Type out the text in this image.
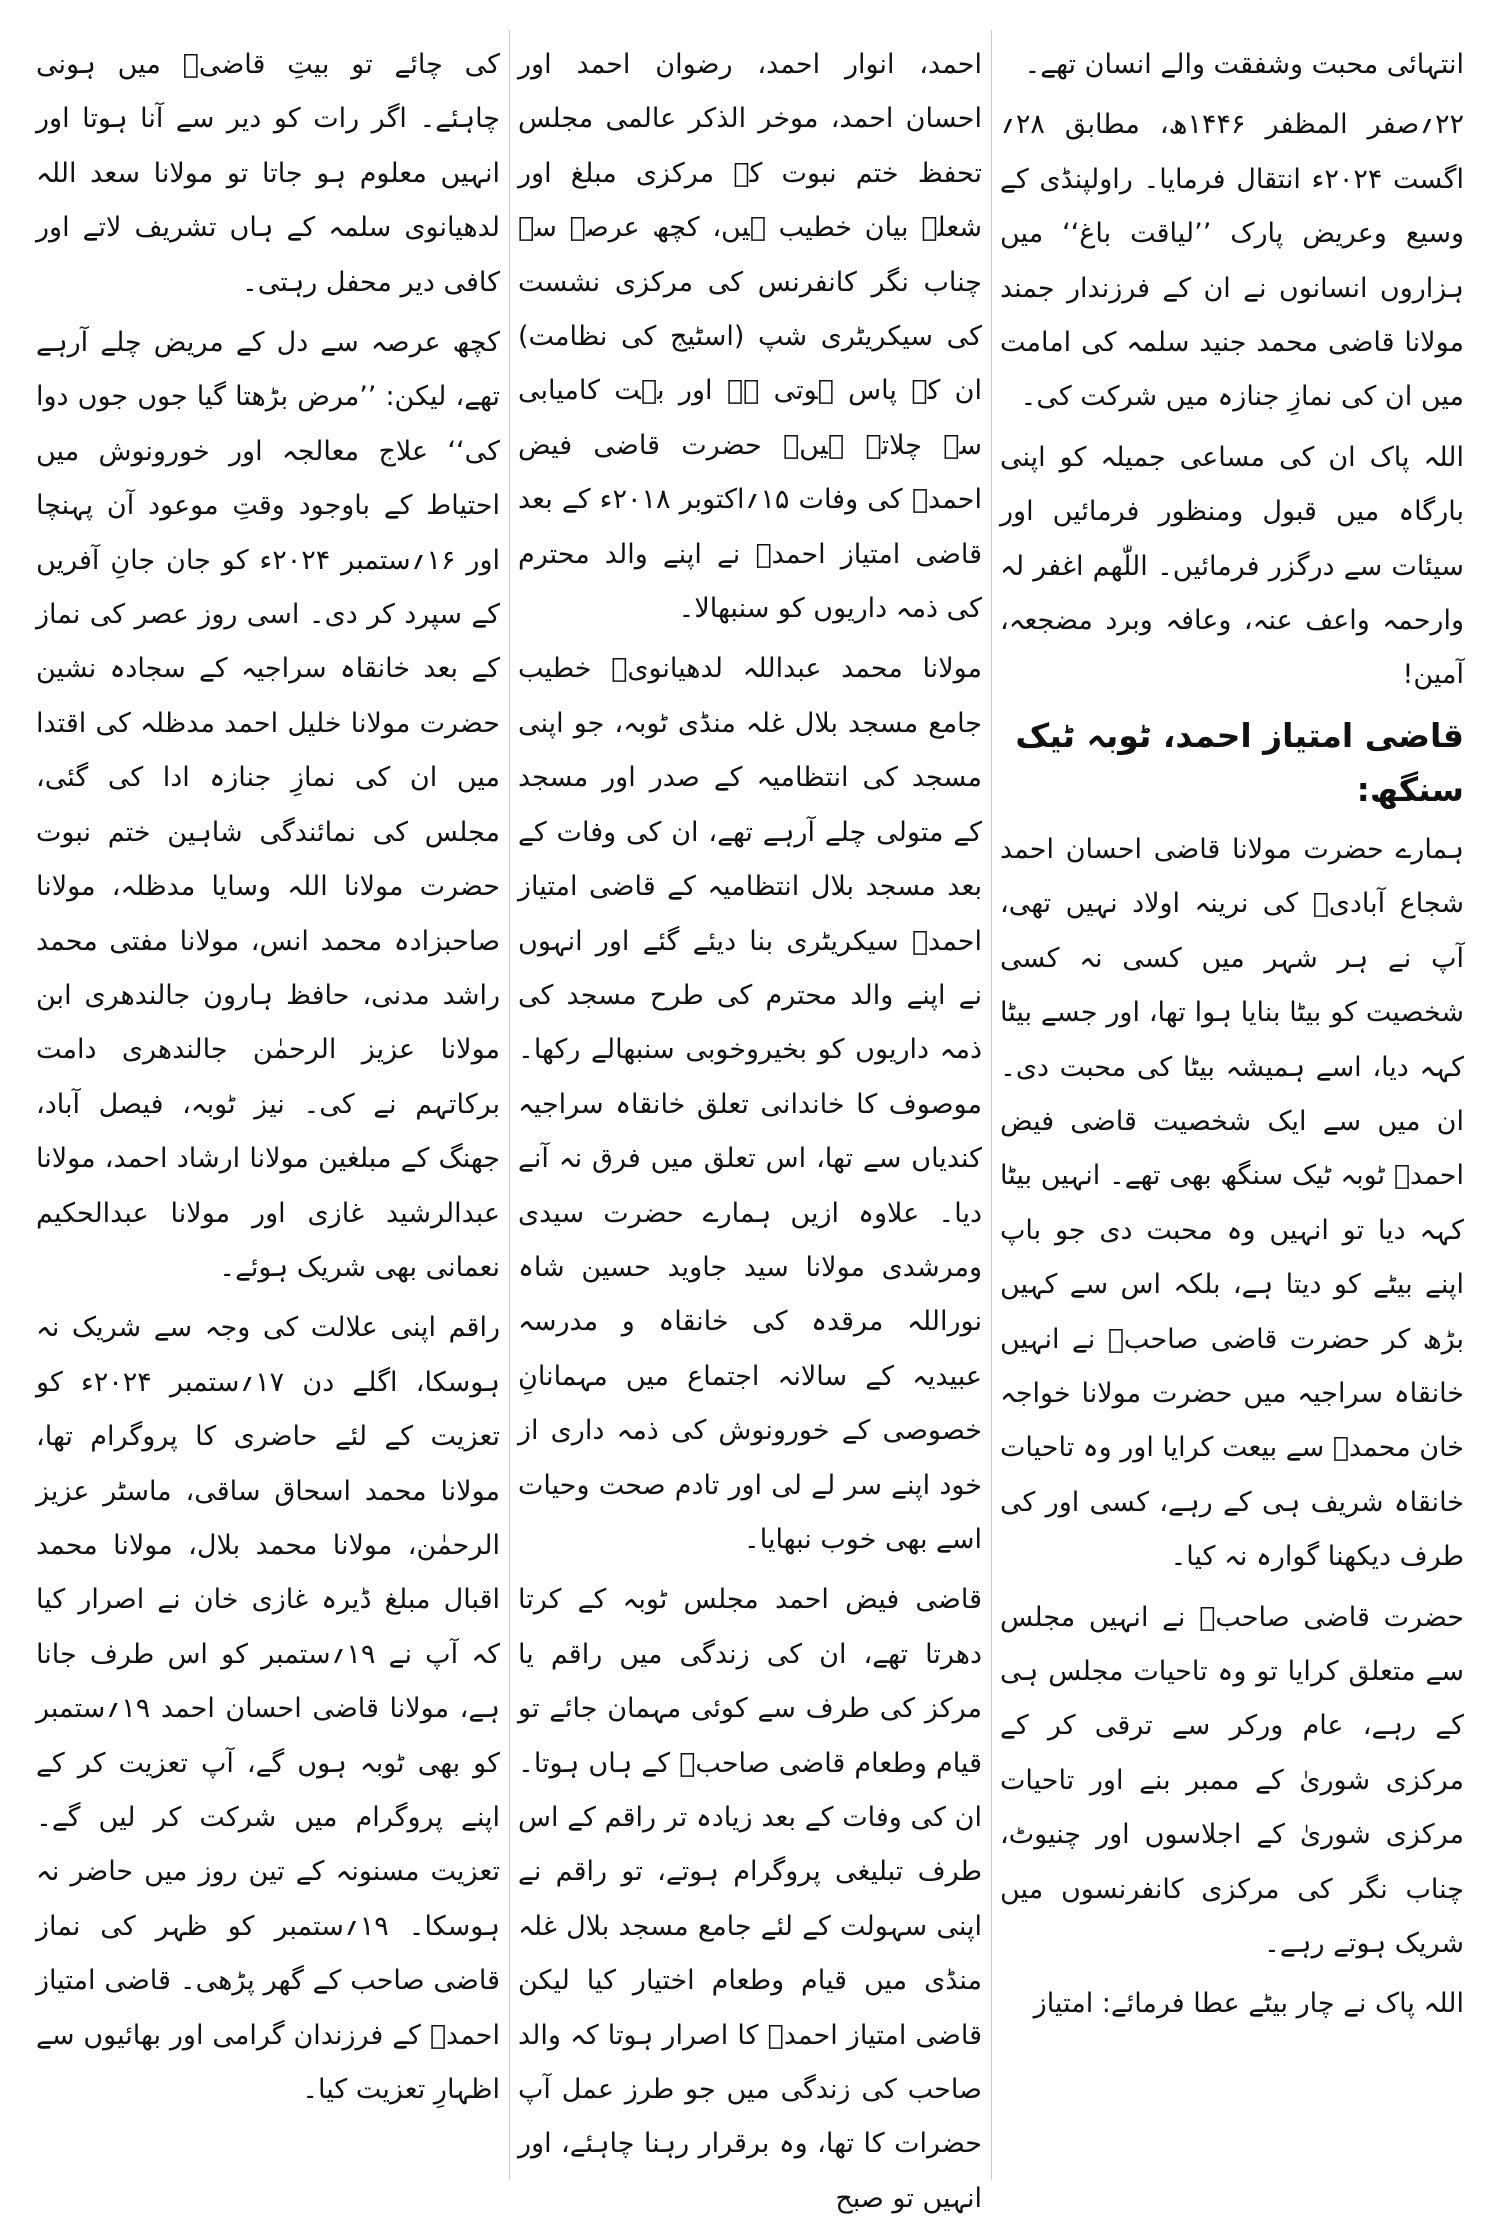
انتہائی محبت وشفقت والے انسان تھے۔

۲۲؍صفر المظفر ۱۴۴۶ھ، مطابق ۲۸؍ اگست ۲۰۲۴ء انتقال فرمایا۔ راولپنڈی کے وسیع وعریض پارک ’’لیاقت باغ‘‘ میں ہزاروں انسانوں نے ان کے فرزندار جمند مولانا قاضی محمد جنید سلمہ کی امامت میں ان کی نمازِ جنازہ میں شرکت کی۔

اللہ پاک ان کی مساعی جمیلہ کو اپنی بارگاہ میں قبول ومنظور فرمائیں اور سیئات سے درگزر فرمائیں۔ اللّٰھم اغفر لہ وارحمہ واعف عنہ، وعافہ وبرد مضجعہ، آمین!

قاضی امتیاز احمد، ٹوبہ ٹیک سنگھ:

ہمارے حضرت مولانا قاضی احسان احمد شجاع آبادیؒ کی نرینہ اولاد نہیں تھی، آپ نے ہر شہر میں کسی نہ کسی شخصیت کو بیٹا بنایا ہوا تھا، اور جسے بیٹا کہہ دیا، اسے ہمیشہ بیٹا کی محبت دی۔ ان میں سے ایک شخصیت قاضی فیض احمدؒ ٹوبہ ٹیک سنگھ بھی تھے۔ انہیں بیٹا کہہ دیا تو انہیں وہ محبت دی جو باپ اپنے بیٹے کو دیتا ہے، بلکہ اس سے کہیں بڑھ کر حضرت قاضی صاحبؒ نے انہیں خانقاہ سراجیہ میں حضرت مولانا خواجہ خان محمدؒ سے بیعت کرایا اور وہ تاحیات خانقاہ شریف ہی کے رہے، کسی اور کی طرف دیکھنا گوارہ نہ کیا۔

حضرت قاضی صاحبؒ نے انہیں مجلس سے متعلق کرایا تو وہ تاحیات مجلس ہی کے رہے، عام ورکر سے ترقی کر کے مرکزی شوریٰ کے ممبر بنے اور تاحیات مرکزی شوریٰ کے اجلاسوں اور چنیوٹ، چناب نگر کی مرکزی کانفرنسوں میں شریک ہوتے رہے۔

اللہ پاک نے چار بیٹے عطا فرمائے: امتیاز

احمد، انوار احمد، رضوان احمد اور احسان احمد، موخر الذکر عالمی مجلس تحفظ ختم نبوت کے مرکزی مبلغ اور شعلہ بیان خطیب ہیں، کچھ عرصہ سے چناب نگر کانفرنس کی مرکزی نشست کی سیکریٹری شپ (اسٹیج کی نظامت) ان کے پاس ہوتی ہے اور بہت کامیابی سے چلاتے ہیں۔ حضرت قاضی فیض احمدؒ کی وفات ۱۵؍اکتوبر ۲۰۱۸ء کے بعد قاضی امتیاز احمدؒ نے اپنے والد محترم کی ذمہ داریوں کو سنبھالا۔

مولانا محمد عبداللہ لدھیانویؒ خطیب جامع مسجد بلال غلہ منڈی ٹوبہ، جو اپنی مسجد کی انتظامیہ کے صدر اور مسجد کے متولی چلے آرہے تھے، ان کی وفات کے بعد مسجد بلال انتظامیہ کے قاضی امتیاز احمدؒ سیکریٹری بنا دیئے گئے اور انہوں نے اپنے والد محترم کی طرح مسجد کی ذمہ داریوں کو بخیروخوبی سنبھالے رکھا۔ موصوف کا خاندانی تعلق خانقاہ سراجیہ کندیاں سے تھا، اس تعلق میں فرق نہ آنے دیا۔ علاوہ ازیں ہمارے حضرت سیدی ومرشدی مولانا سید جاوید حسین شاہ نوراللہ مرقدہ کی خانقاہ و مدرسہ عبیدیہ کے سالانہ اجتماع میں مہمانانِ خصوصی کے خورونوش کی ذمہ داری از خود اپنے سر لے لی اور تادم صحت وحیات اسے بھی خوب نبھایا۔

قاضی فیض احمد مجلس ٹوبہ کے کرتا دھرتا تھے، ان کی زندگی میں راقم یا مرکز کی طرف سے کوئی مہمان جائے تو قیام وطعام قاضی صاحبؒ کے ہاں ہوتا۔ ان کی وفات کے بعد زیادہ تر راقم کے اس طرف تبلیغی پروگرام ہوتے، تو راقم نے اپنی سہولت کے لئے جامع مسجد بلال غلہ منڈی میں قیام وطعام اختیار کیا لیکن قاضی امتیاز احمدؒ کا اصرار ہوتا کہ والد صاحب کی زندگی میں جو طرز عمل آپ حضرات کا تھا، وہ برقرار رہنا چاہئے، اور انہیں تو صبح

کی چائے تو بیتِ قاضیؒ میں ہونی چاہئے۔ اگر رات کو دیر سے آنا ہوتا اور انہیں معلوم ہو جاتا تو مولانا سعد اللہ لدھیانوی سلمہ کے ہاں تشریف لاتے اور کافی دیر محفل رہتی۔

کچھ عرصہ سے دل کے مریض چلے آرہے تھے، لیکن: ’’مرض بڑھتا گیا جوں جوں دوا کی‘‘ علاج معالجہ اور خورونوش میں احتیاط کے باوجود وقتِ موعود آن پہنچا اور ۱۶؍ستمبر ۲۰۲۴ء کو جان جانِ آفریں کے سپرد کر دی۔ اسی روز عصر کی نماز کے بعد خانقاہ سراجیہ کے سجادہ نشین حضرت مولانا خلیل احمد مدظلہ کی اقتدا میں ان کی نمازِ جنازہ ادا کی گئی، مجلس کی نمائندگی شاہین ختم نبوت حضرت مولانا اللہ وسایا مدظلہ، مولانا صاحبزادہ محمد انس، مولانا مفتی محمد راشد مدنی، حافظ ہارون جالندھری ابن مولانا عزیز الرحمٰن جالندھری دامت برکاتہم نے کی۔ نیز ٹوبہ، فیصل آباد، جھنگ کے مبلغین مولانا ارشاد احمد، مولانا عبدالرشید غازی اور مولانا عبدالحکیم نعمانی بھی شریک ہوئے۔

راقم اپنی علالت کی وجہ سے شریک نہ ہوسکا، اگلے دن ۱۷؍ستمبر ۲۰۲۴ء کو تعزیت کے لئے حاضری کا پروگرام تھا، مولانا محمد اسحاق ساقی، ماسٹر عزیز الرحمٰن، مولانا محمد بلال، مولانا محمد اقبال مبلغ ڈیرہ غازی خان نے اصرار کیا کہ آپ نے ۱۹؍ستمبر کو اس طرف جانا ہے، مولانا قاضی احسان احمد ۱۹؍ستمبر کو بھی ٹوبہ ہوں گے، آپ تعزیت کر کے اپنے پروگرام میں شرکت کر لیں گے۔ تعزیت مسنونہ کے تین روز میں حاضر نہ ہوسکا۔ ۱۹؍ستمبر کو ظہر کی نماز قاضی صاحب کے گھر پڑھی۔ قاضی امتیاز احمدؒ کے فرزندان گرامی اور بھائیوں سے اظہارِ تعزیت کیا۔
